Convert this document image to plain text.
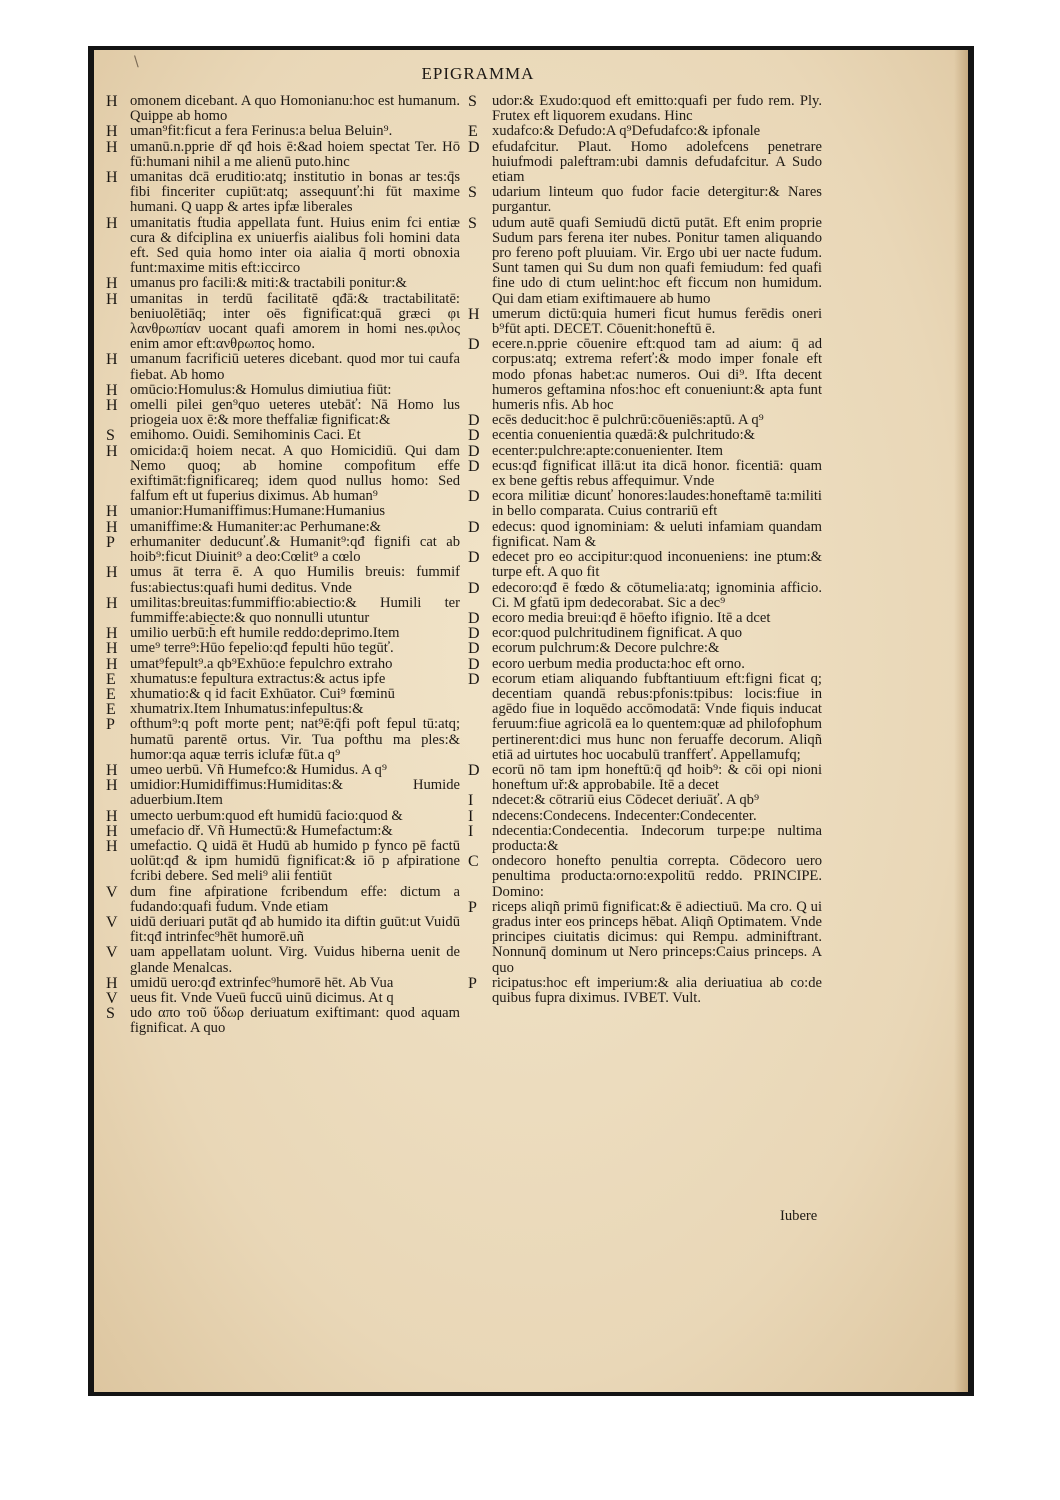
\
EPIGRAMMA
H omonem dicebant. A quo Homonianu:hoc est humanum. Quippe ab homo
H uman⁹fit:ficut a fera Ferinus:a belua Beluin⁹.
H umanū.n.pprie dř qđ hois ē:&ad hoiem spectat Ter. Hō fū:humani nihil a me alienū puto.hinc
H umanitas dcā eruditio:atq; institutio in bonas ar tes:q̄s fibi finceriter cupiūt:atq; assequunť:hi fūt maxime humani. Q uapp & artes ipfæ liberales
H umanitatis ftudia appellata funt. Huius enim fci entiæ cura & difciplina ex uniuerfis aialibus foli homini data eft. Sed quia homo inter oia aialia q̄ morti obnoxia funt:maxime mitis eft:iccirco
H umanus pro facili:& miti:& tractabili ponitur:&
H umanitas in terdū facilitatē qđā:& tractabilitatē: beniuolētiāq; inter oēs fignificat:quā græci φι λανθρωπίαν uocant quafi amorem in homi nes.φιλος enim amor eft:ανθρωπος homo.
H umanum facrificiū ueteres dicebant. quod mor tui caufa fiebat. Ab homo
H omūcio:Homulus:& Homulus dimiutiua fiūt:
H omelli pilei gen⁹quo ueteres utebāť: Nā Homo lus priogeia uox ē:& more theffaliæ fignificat:&
S emihomo. Ouidi. Semihominis Caci. Et
H omicida:q̄ hoiem necat. A quo Homicidiū. Qui dam Nemo quoq; ab homine compofitum effe exiftimāt:fignificareq; idem quod nullus homo: Sed falfum eft ut fuperius diximus. Ab human⁹
H umanior:Humaniffimus:Humane:Humanius
H umaniffime:& Humaniter:ac Perhumane:&
P erhumaniter deducunť.& Humanit⁹:qđ fignifi cat ab hoib⁹:ficut Diuinit⁹ a deo:Cœlit⁹ a cœlo
H umus āt terra ē. A quo Humilis breuis: fummif fus:abiectus:quafi humi deditus. Vnde
H umilitas:breuitas:fummiffio:abiectio:& Humili ter fummiffe:abiecte:& quo nonnulli utuntur
H umilio uerbū:h̄ eft humile reddo:deprimo.Item
H ume⁹ terre⁹:Hūo fepelio:qđ fepulti hūo tegūť.
H umat⁹fepult⁹.a qb⁹Exhūo:e fepulchro extraho
E xhumatus:e fepultura extractus:& actus ipfe
E xhumatio:& q id facit Exhūator. Cui⁹ fœminū
E xhumatrix.Item Inhumatus:infepultus:&
P ofthum⁹:q poft morte pent; nat⁹ē:q̄fi poft fepul tū:atq; humatū parentē ortus. Vir. Tua pofthu ma ples:& humor:qa aquæ terris iclufæ fūt.a q⁹
H umeo uerbū. Vñ Humefco:& Humidus. A q⁹
H umidior:Humidiffimus:Humiditas:& Humide aduerbium.Item
H umecto uerbum:quod eft humidū facio:quod &
H umefacio dř. Vñ Humectū:& Humefactum:&
H umefactio. Q uidā ēt Hudū ab humido p fynco pē factū uolūt:qđ & ipm humidū fignificat:& iō p afpiratione fcribi debere. Sed meli⁹ alii fentiūt
V dum fine afpiratione fcribendum effe: dictum a fudando:quafi fudum. Vnde etiam
V uidū deriuari putāt qđ ab humido ita diftin guūt:ut Vuidū fit:qđ intrinfec⁹hēt humorē.uñ
V uam appellatam uolunt. Virg. Vuidus hiberna uenit de glande Menalcas.
H umidū uero:qđ extrinfec⁹humorē hēt. Ab Vua
V ueus fit. Vnde Vueū fuccū uinū dicimus. At q
S udo απο τοῦ ὕδωρ deriuatum exiftimant: quod aquam fignificat. A quo
S udor:& Exudo:quod eft emitto:quafi per fudo rem. Ply. Frutex eft liquorem exudans. Hinc
E xudafco:& Defudo:A q⁹Defudafco:& ipfonale
D efudafcitur. Plaut. Homo adolefcens penetrare huiufmodi paleftram:ubi damnis defudafcitur. A Sudo etiam
S udarium linteum quo fudor facie detergitur:& Nares purgantur.
S udum autē quafi Semiudū dictū putāt. Eft enim proprie Sudum pars ferena iter nubes. Ponitur tamen aliquando pro fereno poft pluuiam. Vir. Ergo ubi uer nacte fudum. Sunt tamen qui Su dum non quafi femiudum: fed quafi fine udo di ctum uelint:hoc eft ficcum non humidum. Qui dam etiam exiftimauere ab humo
H umerum dictū:quia humeri ficut humus ferēdis oneri b⁹fūt apti. DECET. Cōuenit:honeftū ē.
D ecere.n.pprie cōuenire eft:quod tam ad aium: q̄ ad corpus:atq; extrema referť:& modo imper fonale eft modo pfonas habet:ac numeros. Oui di⁹. Ifta decent humeros geftamina nfos:hoc eft conueniunt:& apta funt humeris nfis. Ab hoc
D ecēs deducit:hoc ē pulchrū:cōueniēs:aptū. A q⁹
D ecentia conuenientia quædā:& pulchritudo:&
D ecenter:pulchre:apte:conuenienter. Item
D ecus:qđ fignificat illā:ut ita dicā honor. ficentiā: quam ex bene geftis rebus affequimur. Vnde
D ecora militiæ dicunť honores:laudes:honeftamē ta:militi in bello comparata. Cuius contrariū eft
D edecus: quod ignominiam: & ueluti infamiam quandam fignificat. Nam &
D edecet pro eo accipitur:quod inconueniens: ine ptum:& turpe eft. A quo fit
D edecoro:qđ ē fœdo & cōtumelia:atq; ignominia afficio. Ci. M gfatū ipm dedecorabat. Sic a dec⁹
D ecoro media breui:qđ ē hōefto ifignio. Itē a dcet
D ecor:quod pulchritudinem fignificat. A quo
D ecorum pulchrum:& Decore pulchre:&
D ecoro uerbum media producta:hoc eft orno.
D ecorum etiam aliquando fubftantiuum eft:figni ficat q; decentiam quandā rebus:pfonis:tpibus: locis:fiue in agēdo fiue in loquēdo accōmodatā: Vnde fiquis inducat feruum:fiue agricolā ea lo quentem:quæ ad philofophum pertinerent:dici mus hunc non feruaffe decorum. Aliqñ etiā ad uirtutes hoc uocabulū tranfferť. Appellamufq;
D ecorū nō tam ipm honeftū:q̄ qđ hoib⁹: & cōi opi nioni honeftum uř:& approbabile. Itē a decet
I ndecet:& cōtrariū eius Cōdecet deriuāť. A qb⁹
I ndecens:Condecens. Indecenter:Condecenter.
I ndecentia:Condecentia. Indecorum turpe:pe nultima producta:&
C ondecoro honefto penultia correpta. Cōdecoro uero penultima producta:orno:expolitū reddo. PRINCIPE. Domino:
P riceps aliqñ primū fignificat:& ē adiectiuū. Ma cro. Q ui gradus inter eos princeps hēbat. Aliqñ Optimatem. Vnde principes ciuitatis dicimus: qui Rempu. adminiftrant. Nonnunq̄ dominum ut Nero princeps:Caius princeps. A quo
P ricipatus:hoc eft imperium:& alia deriuatiua ab co:de quibus fupra diximus. IVBET. Vult.
Iubere
